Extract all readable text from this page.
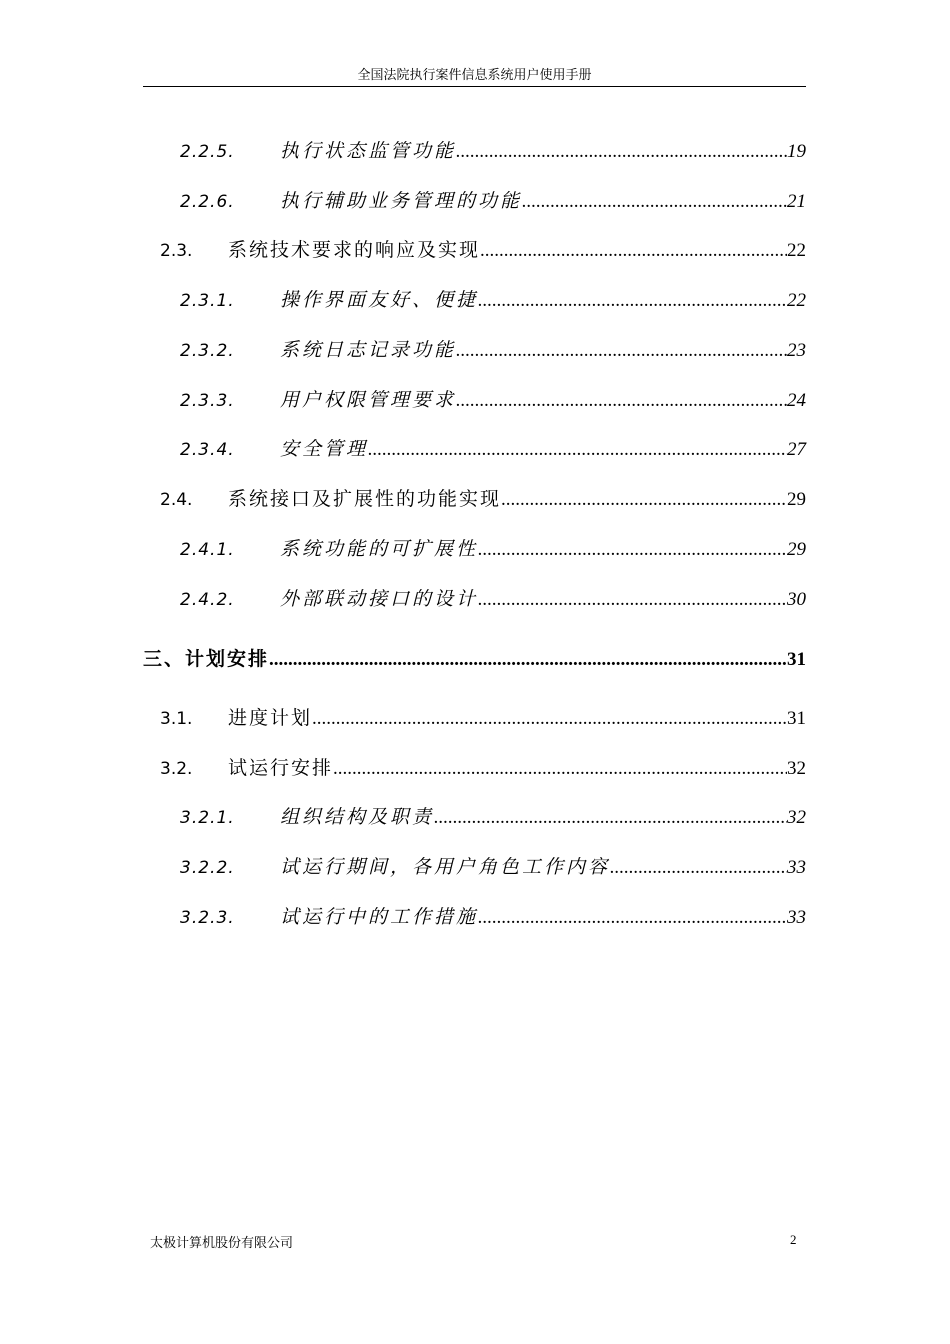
全国法院执行案件信息系统用户使用手册
2.2.5.	执行状态监管功能 .....	19
2.2.6.	执行辅助业务管理的功能 .....	21
2.3.	系统技术要求的响应及实现 .....	22
2.3.1.	操作界面友好、便捷 .....	22
2.3.2.	系统日志记录功能 .....	23
2.3.3.	用户权限管理要求 .....	24
2.3.4.	安全管理 .....	27
2.4.	系统接口及扩展性的功能实现 .....	29
2.4.1.	系统功能的可扩展性 .....	29
2.4.2.	外部联动接口的设计 .....	30
三、计划安排 .....	31
3.1.	进度计划 .....	31
3.2.	试运行安排 .....	32
3.2.1.	组织结构及职责 .....	32
3.2.2.	试运行期间，各用户角色工作内容 .....	33
3.2.3.	试运行中的工作措施 .....	33
太极计算机股份有限公司	2
